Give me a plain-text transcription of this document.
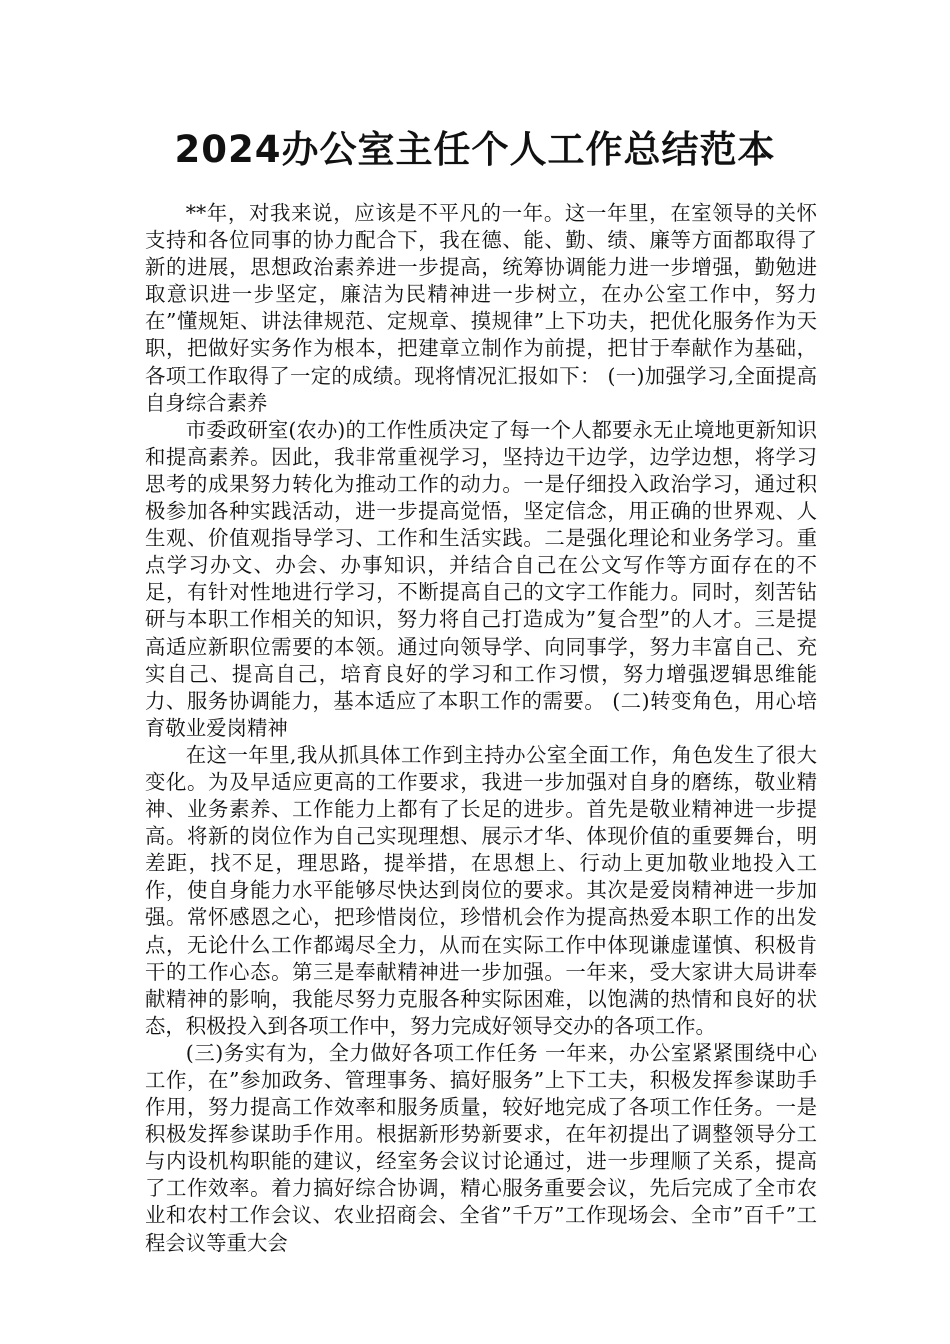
2024办公室主任个人工作总结范本

**年，对我来说，应该是不平凡的一年。这一年里，在室领导的关怀支持和各位同事的协力配合下，我在德、能、勤、绩、廉等方面都取得了新的进展，思想政治素养进一步提高，统筹协调能力进一步增强，勤勉进取意识进一步坚定，廉洁为民精神进一步树立，在办公室工作中，努力在”懂规矩、讲法律规范、定规章、摸规律”上下功夫，把优化服务作为天职，把做好实务作为根本，把建章立制作为前提，把甘于奉献作为基础，各项工作取得了一定的成绩。现将情况汇报如下： (一)加强学习,全面提高自身综合素养

市委政研室(农办)的工作性质决定了每一个人都要永无止境地更新知识和提高素养。因此，我非常重视学习，坚持边干边学，边学边想，将学习思考的成果努力转化为推动工作的动力。一是仔细投入政治学习，通过积极参加各种实践活动，进一步提高觉悟，坚定信念，用正确的世界观、人生观、价值观指导学习、工作和生活实践。二是强化理论和业务学习。重点学习办文、办会、办事知识，并结合自己在公文写作等方面存在的不足，有针对性地进行学习，不断提高自己的文字工作能力。同时，刻苦钻研与本职工作相关的知识，努力将自己打造成为”复合型”的人才。三是提高适应新职位需要的本领。通过向领导学、向同事学，努力丰富自己、充实自己、提高自己，培育良好的学习和工作习惯，努力增强逻辑思维能力、服务协调能力，基本适应了本职工作的需要。 (二)转变角色，用心培育敬业爱岗精神

在这一年里,我从抓具体工作到主持办公室全面工作，角色发生了很大变化。为及早适应更高的工作要求，我进一步加强对自身的磨练，敬业精神、业务素养、工作能力上都有了长足的进步。首先是敬业精神进一步提高。将新的岗位作为自己实现理想、展示才华、体现价值的重要舞台，明差距，找不足，理思路，提举措，在思想上、行动上更加敬业地投入工作，使自身能力水平能够尽快达到岗位的要求。其次是爱岗精神进一步加强。常怀感恩之心，把珍惜岗位，珍惜机会作为提高热爱本职工作的出发点，无论什么工作都竭尽全力，从而在实际工作中体现谦虚谨慎、积极肯干的工作心态。第三是奉献精神进一步加强。一年来，受大家讲大局讲奉献精神的影响，我能尽努力克服各种实际困难，以饱满的热情和良好的状态，积极投入到各项工作中，努力完成好领导交办的各项工作。

(三)务实有为，全力做好各项工作任务 一年来，办公室紧紧围绕中心工作，在”参加政务、管理事务、搞好服务”上下工夫，积极发挥参谋助手作用，努力提高工作效率和服务质量，较好地完成了各项工作任务。一是积极发挥参谋助手作用。根据新形势新要求，在年初提出了调整领导分工与内设机构职能的建议，经室务会议讨论通过，进一步理顺了关系，提高了工作效率。着力搞好综合协调，精心服务重要会议，先后完成了全市农业和农村工作会议、农业招商会、全省”千万”工作现场会、全市”百千”工程会议等重大会
